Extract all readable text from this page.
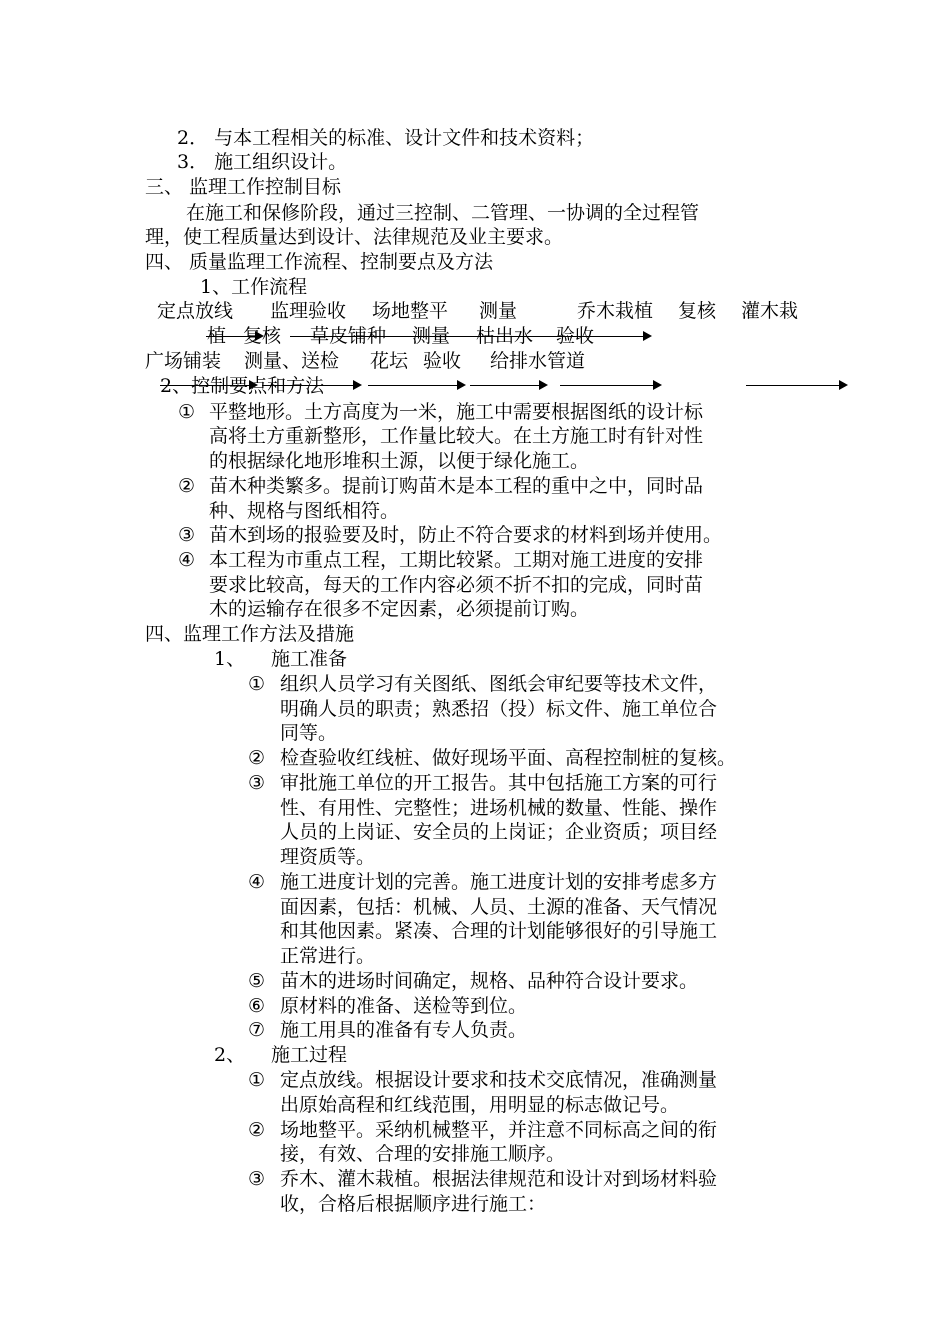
2． 与本工程相关的标准、设计文件和技术资料；
3． 施工组织设计。
三、 监理工作控制目标
在施工和保修阶段，通过三控制、二管理、一协调的全过程管
理，使工程质量达到设计、法律规范及业主要求。
四、 质量监理工作流程、控制要点及方法
1、工作流程
定点放线 监理验收 场地整平 测量	乔木栽植 复核 灌木栽
植 复核 草皮铺种 测量 枯出水 验收
广场铺装 测量、送检 花坛 验收 给排水管道
2、控制要点和方法
① 平整地形。土方高度为一米，施工中需要根据图纸的设计标
高将土方重新整形，工作量比较大。在土方施工时有针对性
的根据绿化地形堆积土源，以便于绿化施工。
② 苗木种类繁多。提前订购苗木是本工程的重中之中，同时品
种、规格与图纸相符。
③ 苗木到场的报验要及时，防止不符合要求的材料到场并使用。
④ 本工程为市重点工程，工期比较紧。工期对施工进度的安排
要求比较高，每天的工作内容必须不折不扣的完成，同时苗
木的运输存在很多不定因素，必须提前订购。
四、监理工作方法及措施
1、 施工准备
① 组织人员学习有关图纸、图纸会审纪要等技术文件，
明确人员的职责；熟悉招（投）标文件、施工单位合
同等。
② 检查验收红线桩、做好现场平面、高程控制桩的复核。
③ 审批施工单位的开工报告。其中包括施工方案的可行
性、有用性、完整性；进场机械的数量、性能、操作
人员的上岗证、安全员的上岗证；企业资质；项目经
理资质等。
④ 施工进度计划的完善。施工进度计划的安排考虑多方
面因素，包括：机械、人员、土源的准备、天气情况
和其他因素。紧凑、合理的计划能够很好的引导施工
正常进行。
⑤ 苗木的进场时间确定，规格、品种符合设计要求。
⑥ 原材料的准备、送检等到位。
⑦ 施工用具的准备有专人负责。
2、 施工过程
① 定点放线。根据设计要求和技术交底情况，准确测量
出原始高程和红线范围，用明显的标志做记号。
② 场地整平。采纳机械整平，并注意不同标高之间的衔
接，有效、合理的安排施工顺序。
③ 乔木、灌木栽植。根据法律规范和设计对到场材料验
收，合格后根据顺序进行施工：
